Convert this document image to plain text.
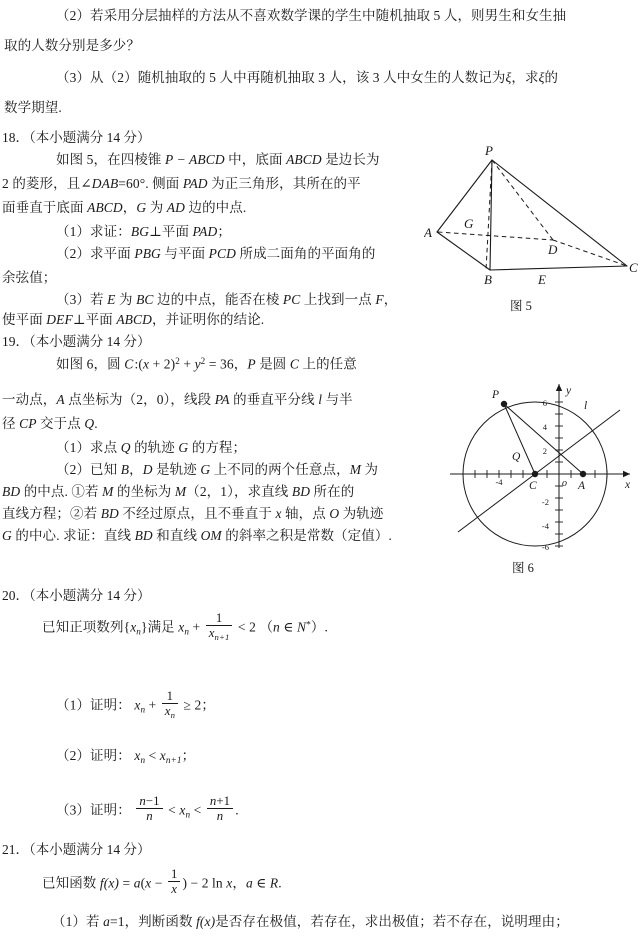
（2）若采用分层抽样的方法从不喜欢数学课的学生中随机抽取 5 人，则男生和女生抽
取的人数分别是多少？
（3）从（2）随机抽取的 5 人中再随机抽取 3 人，该 3 人中女生的人数记为ξ，求ξ的
数学期望.
18．（本小题满分 14 分）
如图 5，在四棱锥 P − ABCD 中，底面 ABCD 是边长为
2 的菱形，且∠DAB=60°. 侧面 PAD 为正三角形，其所在的平
面垂直于底面 ABCD，G 为 AD 边的中点.
（1）求证：BG⊥平面 PAD；
（2）求平面 PBG 与平面 PCD 所成二面角的平面角的
余弦值；
（3）若 E 为 BC 边的中点，能否在棱 PC 上找到一点 F，
使平面 DEF⊥平面 ABCD，并证明你的结论.
P
A
B
C
D
G
E
图 5
19．（本小题满分 14 分）
如图 6，圆 C :(x + $2)^2 + y^2 = 36$，P 是圆 C 上的任意
一动点，A 点坐标为（2，0），线段 PA 的垂直平分线 l 与半
径 CP 交于点 Q.
（1）求点 Q 的轨迹 G 的方程；
（2）已知 B，D 是轨迹 G 上不同的两个任意点，M 为
BD 的中点. ①若 M 的坐标为 M（2，1），求直线 BD 所在的
直线方程；②若 BD 不经过原点，且不垂直于 x 轴，点 O 为轨迹
G 的中心. 求证：直线 BD 和直线 OM 的斜率之积是常数（定值）.
P
Q
C	A
l
x
y
o
6
4
2
-2
-4
-6
-4
图 6
20．（本小题满分 14 分）
已知正项数列$\{x_n\}$满足 $x_n + \frac{1}{x_{n+1}} < 2$ （n ∈ N*）.
（1）证明： $x_n + \frac{1}{x_n} \ge 2$；
（2）证明： $x_n < x_{n+1}$；
（3）证明： $\frac{n-1}{n} < x_n < \frac{n+1}{n}$ .
21．（本小题满分 14 分）
已知函数 $f(x) = a(x - \frac{1}{x}$ ) − 2 ln x，a ∈ R.
（1）若 a=1，判断函数 f(x)是否存在极值，若存在，求出极值；若不存在，说明理由；
